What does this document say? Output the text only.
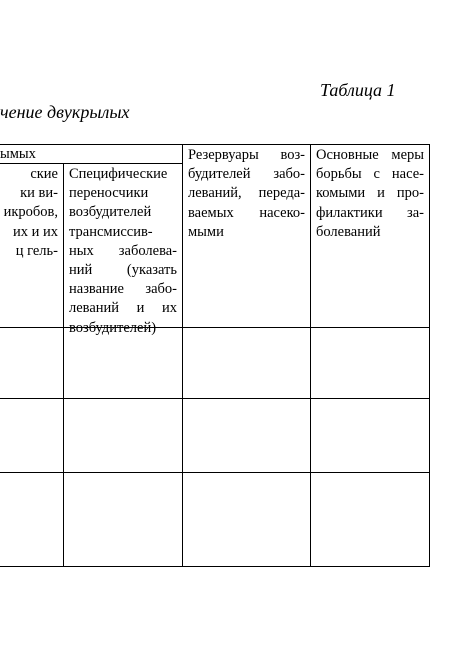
Таблица 1
чение двукрылых
ымых
ские
ки ви-
икробов,
их и их
ц гель-
Специфические
переносчики
возбудителей
трансмиссив-
ных заболева-
ний (указать
название забо-
леваний и их
возбудителей)
Резервуары воз-
будителей забо-
леваний, переда-
ваемых насеко-
мыми
Основные меры
борьбы с насе-
комыми и про-
филактики за-
болеваний
